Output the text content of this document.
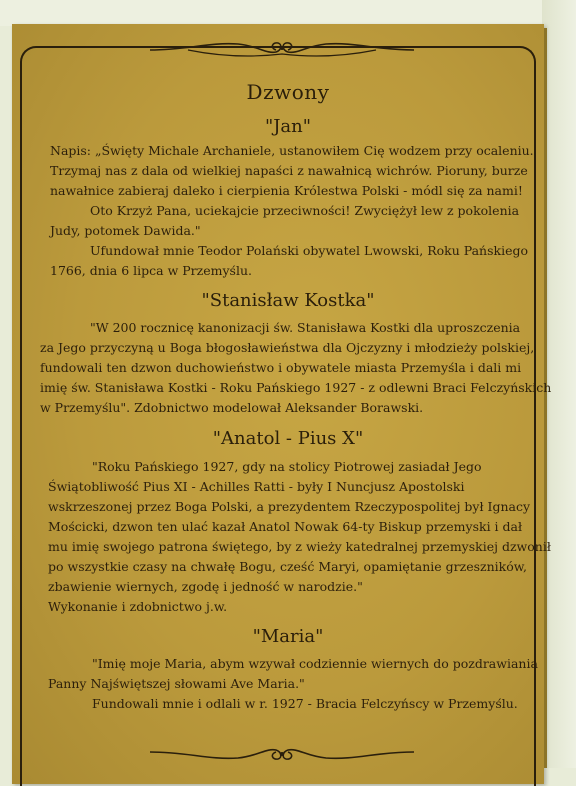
Dzwony
"Jan"
Napis: „Święty Michale Archaniele, ustanowiłem Cię wodzem przy ocaleniu.
Trzymaj nas z dala od wielkiej napaści z nawałnicą wichrów. Pioruny, burze
nawałnice zabieraj daleko i cierpienia Królestwa Polski - módl się za nami!
Oto Krzyż Pana, uciekajcie przeciwności! Zwyciężył lew z pokolenia
Judy, potomek Dawida."
Ufundował mnie Teodor Polański obywatel Lwowski, Roku Pańskiego
1766, dnia 6 lipca w Przemyślu.
"Stanisław Kostka"
"W 200 rocznicę kanonizacji św. Stanisława Kostki dla uproszczenia
za Jego przyczyną u Boga błogosławieństwa dla Ojczyzny i młodzieży polskiej,
fundowali ten dzwon duchowieństwo i obywatele miasta Przemyśla i dali mi
imię św. Stanisława Kostki - Roku Pańskiego 1927 - z odlewni Braci Felczyńskich
w Przemyślu". Zdobnictwo modelował Aleksander Borawski.
"Anatol - Pius X"
"Roku Pańskiego 1927, gdy na stolicy Piotrowej zasiadał Jego
Świątobliwość Pius XI - Achilles Ratti - były I Nuncjusz Apostolski
wskrzeszonej przez Boga Polski, a prezydentem Rzeczypospolitej był Ignacy
Mościcki, dzwon ten ulać kazał Anatol Nowak 64-ty Biskup przemyski i dał
mu imię swojego patrona świętego, by z wieży katedralnej przemyskiej dzwonił
po wszystkie czasy na chwałę Bogu, cześć Maryi, opamiętanie grzeszników,
zbawienie wiernych, zgodę i jedność w narodzie."
Wykonanie i zdobnictwo j.w.
"Maria"
"Imię moje Maria, abym wzywał codziennie wiernych do pozdrawiania
Panny Najświętszej słowami Ave Maria."
Fundowali mnie i odlali w r. 1927 - Bracia Felczyńscy w Przemyślu.
